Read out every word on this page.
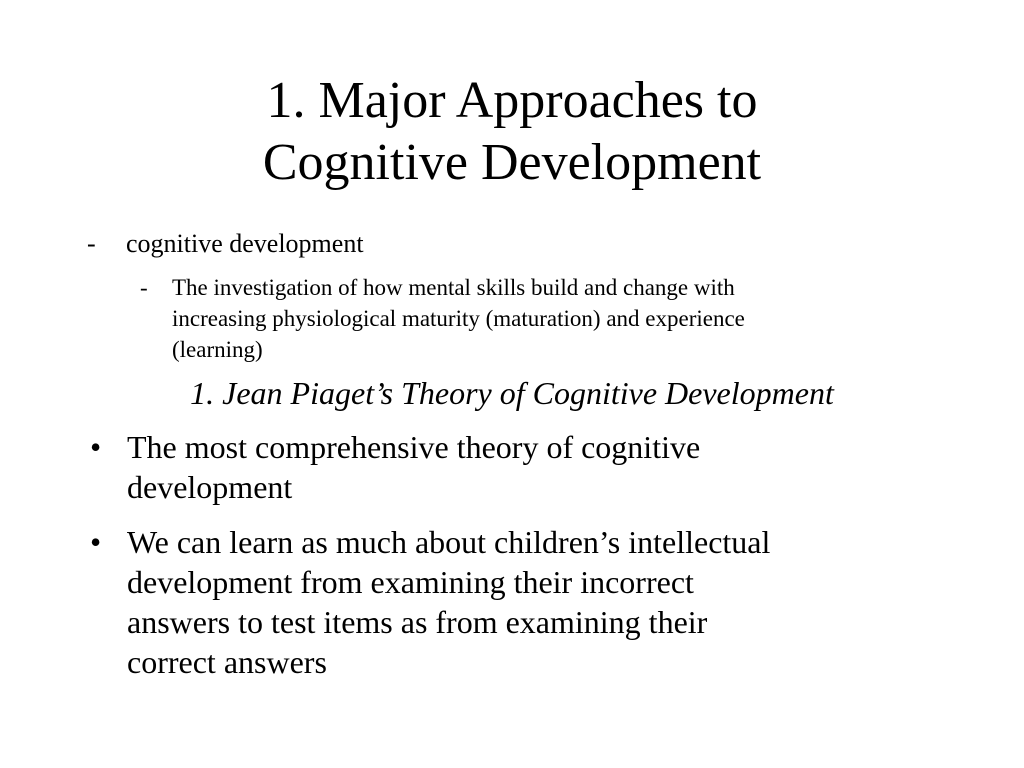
1. Major Approaches to
Cognitive Development
- cognitive development
- The investigation of how mental skills build and change with
increasing physiological maturity (maturation) and experience
(learning)
1. Jean Piaget’s Theory of Cognitive Development
• The most comprehensive theory of cognitive
development
• We can learn as much about children’s intellectual
development from examining their incorrect
answers to test items as from examining their
correct answers
